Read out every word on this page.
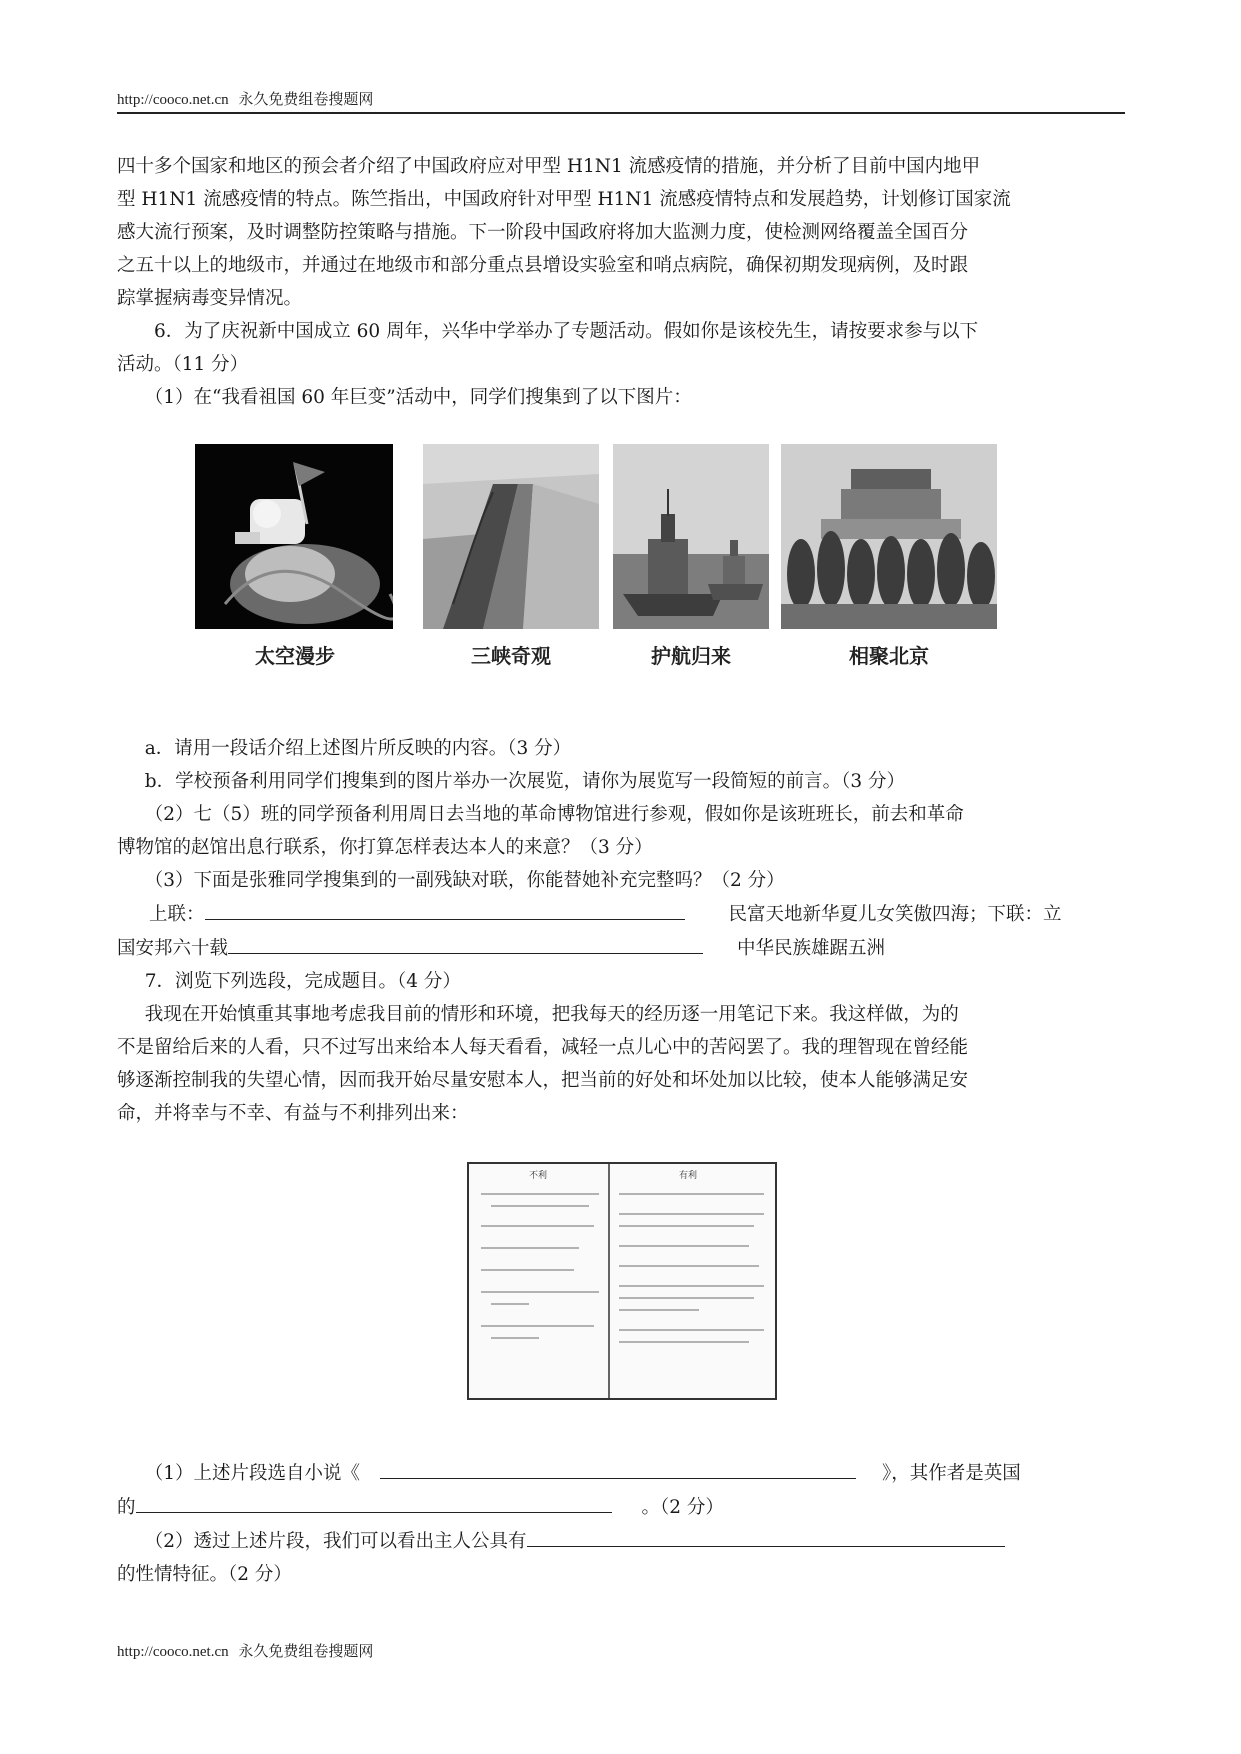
http://cooco.net.cn 永久免费组卷搜题网

四十多个国家和地区的预会者介绍了中国政府应对甲型 H1N1 流感疫情的措施，并分析了目前中国内地甲

型 H1N1 流感疫情的特点。陈竺指出，中国政府针对甲型 H1N1 流感疫情特点和发展趋势，计划修订国家流

感大流行预案，及时调整防控策略与措施。下一阶段中国政府将加大监测力度，使检测网络覆盖全国百分

之五十以上的地级市，并通过在地级市和部分重点县增设实验室和哨点病院，确保初期发现病例，及时跟

踪掌握病毒变异情况。

6．为了庆祝新中国成立 60 周年，兴华中学举办了专题活动。假如你是该校先生，请按要求参与以下

活动。（11 分）

（1）在“我看祖国 60 年巨变”活动中，同学们搜集到了以下图片：

太空漫步	三峡奇观	护航归来	相聚北京

a．请用一段话介绍上述图片所反映的内容。（3 分）

b．学校预备利用同学们搜集到的图片举办一次展览，请你为展览写一段简短的前言。（3 分）

（2）七（5）班的同学预备利用周日去当地的革命博物馆进行参观，假如你是该班班长，前去和革命

博物馆的赵馆出息行联系，你打算怎样表达本人的来意？（3 分）

（3）下面是张雅同学搜集到的一副残缺对联，你能替她补充完整吗？（2 分）

上联：	民富天地新华夏儿女笑傲四海；下联：立

国安邦六十载	中华民族雄踞五洲

7．浏览下列选段，完成题目。（4 分）

我现在开始慎重其事地考虑我目前的情形和环境，把我每天的经历逐一用笔记下来。我这样做，为的

不是留给后来的人看，只不过写出来给本人每天看看，减轻一点儿心中的苦闷罢了。我的理智现在曾经能

够逐渐控制我的失望心情，因而我开始尽量安慰本人，把当前的好处和坏处加以比较，使本人能够满足安

命，并将幸与不幸、有益与不利排列出来：

不利	有利

（1）上述片段选自小说《	》，其作者是英国

的	。（2 分）

（2）透过上述片段，我们可以看出主人公具有

的性情特征。（2 分）

http://cooco.net.cn 永久免费组卷搜题网
